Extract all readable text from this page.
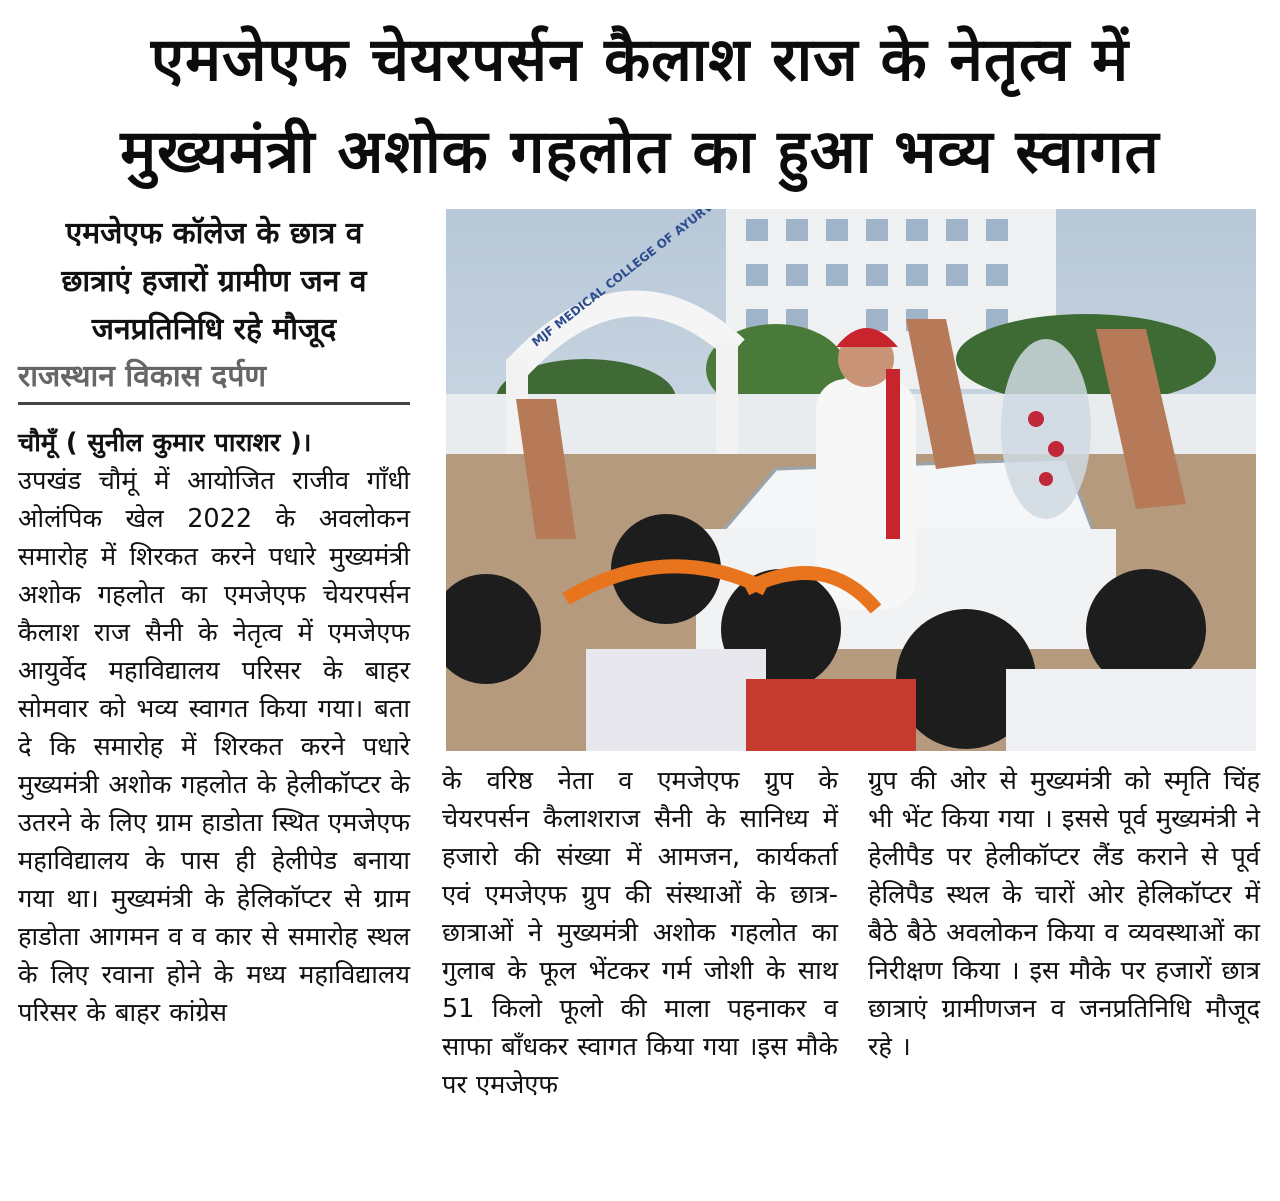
एमजेएफ चेयरपर्सन कैलाश राज के नेतृत्व में
मुख्यमंत्री अशोक गहलोत का हुआ भव्य स्वागत
एमजेएफ कॉलेज के छात्र व
छात्राएं हजारों ग्रामीण जन व
जनप्रतिनिधि रहे मौजूद
राजस्थान विकास दर्पण
चौमूँ ( सुनील कुमार पाराशर )।
उपखंड चौमूं में आयोजित राजीव गाँधी ओलंपिक खेल 2022 के अवलोकन समारोह में शिरकत करने पधारे मुख्यमंत्री अशोक गहलोत का एमजेएफ चेयरपर्सन कैलाश राज सैनी के नेतृत्व में एमजेएफ आयुर्वेद महाविद्यालय परिसर के बाहर सोमवार को भव्य स्वागत किया गया। बता दे कि समारोह में शिरकत करने पधारे मुख्यमंत्री अशोक गहलोत के हेलीकॉप्टर के उतरने के लिए ग्राम हाडोता स्थित एमजेएफ महाविद्यालय के पास ही हेलीपेड बनाया गया था। मुख्यमंत्री के हेलिकॉप्टर से ग्राम हाडोता आगमन व व कार से समारोह स्थल के लिए रवाना होने के मध्य महाविद्यालय परिसर के बाहर कांग्रेस
के वरिष्ठ नेता व एमजेएफ ग्रुप के चेयरपर्सन कैलाशराज सैनी के सानिध्य में हजारो की संख्या में आमजन, कार्यकर्ता एवं एमजेएफ ग्रुप की संस्थाओं के छात्र-छात्राओं ने मुख्यमंत्री अशोक गहलोत का गुलाब के फूल भेंटकर गर्म जोशी के साथ 51 किलो फूलो की माला पहनाकर व साफा बाँधकर स्वागत किया गया ।इस मौके पर एमजेएफ
ग्रुप की ओर से मुख्यमंत्री को स्मृति चिंह भी भेंट किया गया । इससे पूर्व मुख्यमंत्री ने हेलीपैड पर हेलीकॉप्टर लैंड कराने से पूर्व हेलिपैड स्थल के चारों ओर हेलिकॉप्टर में बैठे बैठे अवलोकन किया व व्यवस्थाओं का निरीक्षण किया । इस मौके पर हजारों छात्र छात्राएं ग्रामीणजन व जनप्रतिनिधि मौजूद रहे ।
